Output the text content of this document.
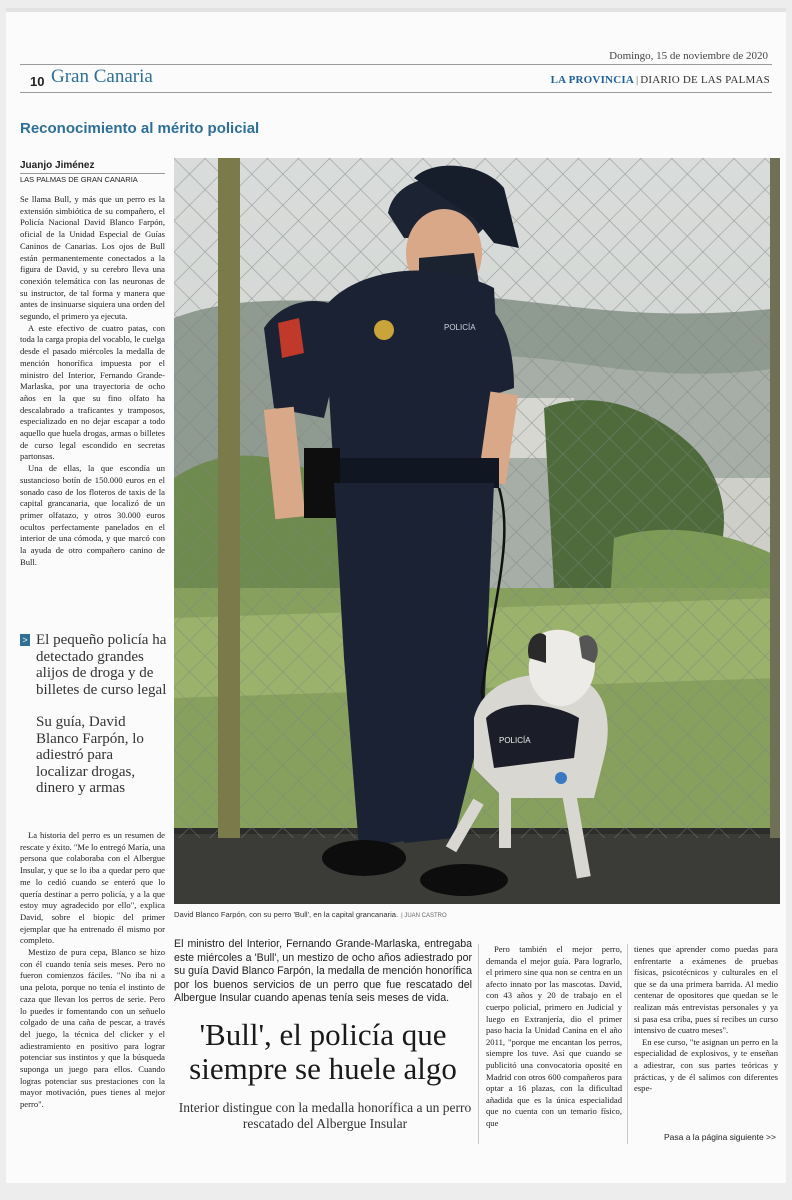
Domingo, 15 de noviembre de 2020
10 Gran Canaria	LA PROVINCIA | DIARIO DE LAS PALMAS
Reconocimiento al mérito policial
Juanjo Jiménez
LAS PALMAS DE GRAN CANARIA

Se llama Bull, y más que un perro es la extensión simbiótica de su compañero, el Policía Nacional David Blanco Farpón, oficial de la Unidad Especial de Guías Caninos de Canarias. Los ojos de Bull están permanentemente conectados a la figura de David, y su cerebro lleva una conexión telemática con las neuronas de su instructor, de tal forma y manera que antes de insinuarse siquiera una orden del segundo, el primero ya ejecuta.

A este efectivo de cuatro patas, con toda la carga propia del vocablo, le cuelga desde el pasado miércoles la medalla de mención honorífica impuesta por el ministro del Interior, Fernando Grande-Marlaska, por una trayectoria de ocho años en la que su fino olfato ha descalabrado a traficantes y tramposos, especializado en no dejar escapar a todo aquello que huela drogas, armas o billetes de curso legal escondido en secretas partonsas.

Una de ellas, la que escondía un sustancioso botín de 150.000 euros en el sonado caso de los floteros de taxis de la capital grancanaria, que localizó de un primer olfatazo, y otros 30.000 euros ocultos perfectamente panelados en el interior de una cómoda, y que marcó con la ayuda de otro compañero canino de Bull.

> El pequeño policía ha detectado grandes alijos de droga y de billetes de curso legal
Su guía, David Blanco Farpón, lo adiestró para localizar drogas, dinero y armas

La historia del perro es un resumen de rescate y éxito. "Me lo entregó María, una persona que colaboraba con el Albergue Insular, y que se lo iba a quedar pero que me lo cedió cuando se enteró que lo quería destinar a perro policía, y a la que estoy muy agradecido por ello", explica David, sobre el biopic del primer ejemplar que ha entrenado él mismo por completo.

Mestizo de pura cepa, Blanco se hizo con él cuando tenía seis meses. Pero no fueron comienzos fáciles. "No iba ni a una pelota, porque no tenía el instinto de caza que llevan los perros de serie. Pero lo puedes ir fomentando con un señuelo colgado de una caña de pescar, a través del juego, la técnica del clicker y el adiestramiento en positivo para lograr potenciar sus instintos y que la búsqueda suponga un juego para ellos. Cuando logras potenciar sus prestaciones con la mayor motivación, pues tienes al mejor perro".

POLICÍA
POLICÍA
David Blanco Farpón, con su perro 'Bull', en la capital grancanaria. | JUAN CASTRO
El ministro del Interior, Fernando Grande-Marlaska, entregaba este miércoles a 'Bull', un mestizo de ocho años adiestrado por su guía David Blanco Farpón, la medalla de mención honorífica por los buenos servicios de un perro que fue rescatado del Albergue Insular cuando apenas tenía seis meses de vida.
'Bull', el policía que siempre se huele algo
Interior distingue con la medalla honorífica a un perro rescatado del Albergue Insular

Pero también el mejor perro, demanda el mejor guía. Para lograrlo, el primero sine qua non se centra en un afecto innato por las mascotas. David, con 43 años y 20 de trabajo en el cuerpo policial, primero en Judicial y luego en Extranjería, dio el primer paso hacia la Unidad Canina en el año 2011, "porque me encantan los perros, siempre los tuve. Así que cuando se publicitó una convocatoria oposité en Madrid con otros 600 compañeros para optar a 16 plazas, con la dificultad añadida que es la única especialidad que no cuenta con un temario físico, que

tienes que aprender como puedas para enfrentarte a exámenes de pruebas físicas, psicotécnicos y culturales en el que se da una primera barrida. Al medio centenar de opositores que quedan se le realizan más entrevistas personales y ya si pasa esa criba, pues sí recibes un curso intensivo de cuatro meses".

En ese curso, "te asignan un perro en la especialidad de explosivos, y te enseñan a adiestrar, con sus partes teóricas y prácticas, y de él salimos con diferentes espe-

Pasa a la página siguiente >>
